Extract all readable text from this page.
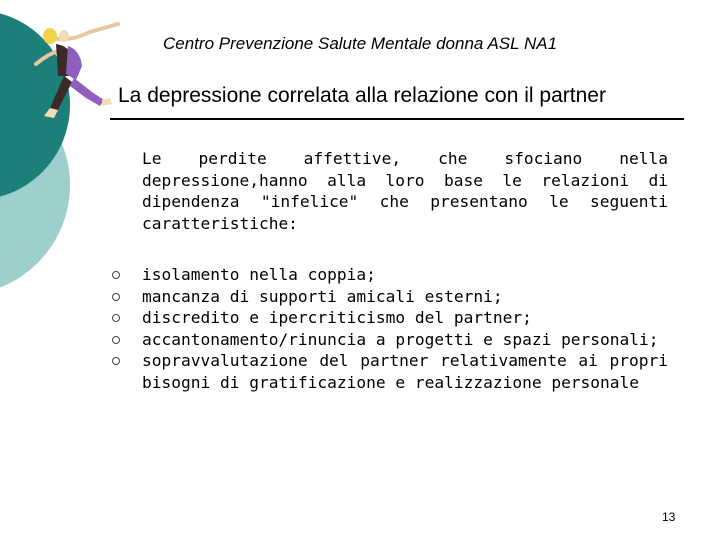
Centro Prevenzione Salute Mentale donna ASL NA1
La depressione correlata alla relazione con il partner
Le perdite affettive, che sfociano nella depressione,hanno alla loro base le relazioni di dipendenza "infelice" che presentano le seguenti caratteristiche:
isolamento nella coppia;
mancanza di supporti amicali esterni;
discredito e ipercriticismo del partner;
accantonamento/rinuncia a progetti e spazi personali;
sopravvalutazione del partner relativamente ai propri bisogni di gratificazione e realizzazione personale
13
